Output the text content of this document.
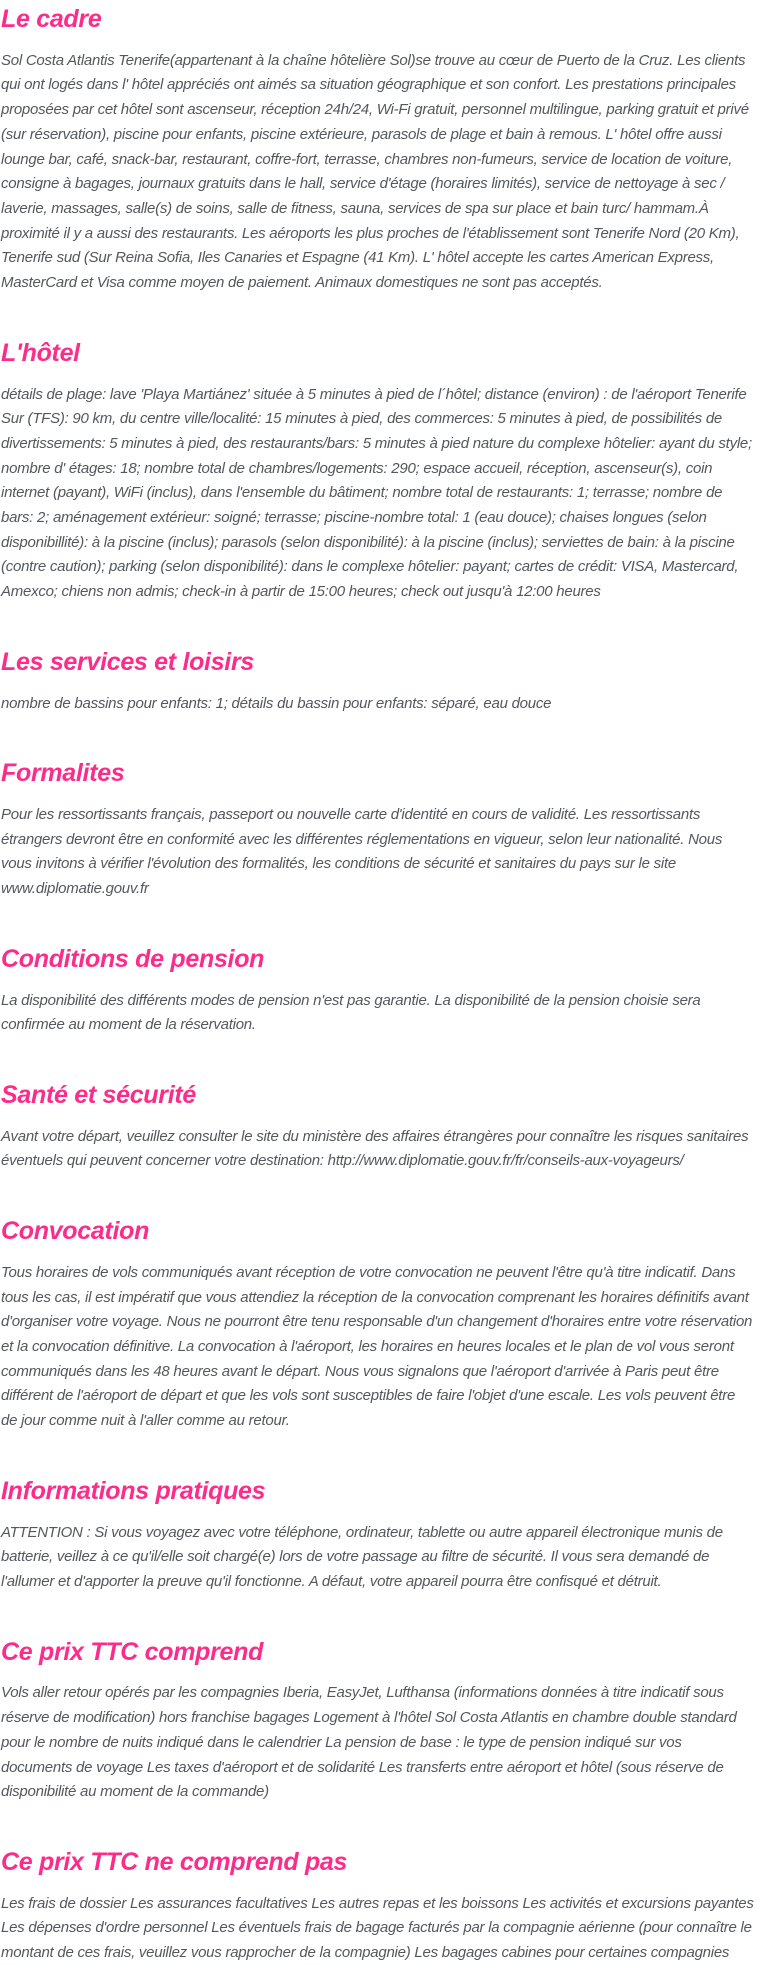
Le cadre

Sol Costa Atlantis Tenerife(appartenant à la chaîne hôtelière Sol)se trouve au cœur de Puerto de la Cruz. Les clients qui ont logés dans l' hôtel appréciés ont aimés sa situation géographique et son confort. Les prestations principales proposées par cet hôtel sont ascenseur, réception 24h/24, Wi-Fi gratuit, personnel multilingue, parking gratuit et privé (sur réservation), piscine pour enfants, piscine extérieure, parasols de plage et bain à remous. L' hôtel offre aussi lounge bar, café, snack-bar, restaurant, coffre-fort, terrasse, chambres non-fumeurs, service de location de voiture, consigne à bagages, journaux gratuits dans le hall, service d'étage (horaires limités), service de nettoyage à sec / laverie, massages, salle(s) de soins, salle de fitness, sauna, services de spa sur place et bain turc/ hammam.À proximité il y a aussi des restaurants. Les aéroports les plus proches de l'établissement sont Tenerife Nord (20 Km), Tenerife sud (Sur Reina Sofia, Iles Canaries et Espagne (41 Km). L' hôtel accepte les cartes American Express, MasterCard et Visa comme moyen de paiement. Animaux domestiques ne sont pas acceptés.

L'hôtel

détails de plage: lave 'Playa Martiánez' située à 5 minutes à pied de l´hôtel; distance (environ) : de l'aéroport Tenerife Sur (TFS): 90 km, du centre ville/localité: 15 minutes à pied, des commerces: 5 minutes à pied, de possibilités de divertissements: 5 minutes à pied, des restaurants/bars: 5 minutes à pied nature du complexe hôtelier: ayant du style; nombre d' étages: 18; nombre total de chambres/logements: 290; espace accueil, réception, ascenseur(s), coin internet (payant), WiFi (inclus), dans l'ensemble du bâtiment; nombre total de restaurants: 1; terrasse; nombre de bars: 2; aménagement extérieur: soigné; terrasse; piscine-nombre total: 1 (eau douce); chaises longues (selon disponibillité): à la piscine (inclus); parasols (selon disponibilité): à la piscine (inclus); serviettes de bain: à la piscine (contre caution); parking (selon disponibilité): dans le complexe hôtelier: payant; cartes de crédit: VISA, Mastercard, Amexco; chiens non admis; check-in à partir de 15:00 heures; check out jusqu'à 12:00 heures

Les services et loisirs

nombre de bassins pour enfants: 1; détails du bassin pour enfants: séparé, eau douce

Formalites

Pour les ressortissants français, passeport ou nouvelle carte d'identité en cours de validité. Les ressortissants étrangers devront être en conformité avec les différentes réglementations en vigueur, selon leur nationalité. Nous vous invitons à vérifier l'évolution des formalités, les conditions de sécurité et sanitaires du pays sur le site www.diplomatie.gouv.fr

Conditions de pension

La disponibilité des différents modes de pension n'est pas garantie. La disponibilité de la pension choisie sera confirmée au moment de la réservation.

Santé et sécurité

Avant votre départ, veuillez consulter le site du ministère des affaires étrangères pour connaître les risques sanitaires éventuels qui peuvent concerner votre destination: http://www.diplomatie.gouv.fr/fr/conseils-aux-voyageurs/

Convocation

Tous horaires de vols communiqués avant réception de votre convocation ne peuvent l'être qu'à titre indicatif. Dans tous les cas, il est impératif que vous attendiez la réception de la convocation comprenant les horaires définitifs avant d'organiser votre voyage. Nous ne pourront être tenu responsable d'un changement d'horaires entre votre réservation et la convocation définitive. La convocation à l'aéroport, les horaires en heures locales et le plan de vol vous seront communiqués dans les 48 heures avant le départ. Nous vous signalons que l'aéroport d'arrivée à Paris peut être différent de l'aéroport de départ et que les vols sont susceptibles de faire l'objet d'une escale. Les vols peuvent être de jour comme nuit à l'aller comme au retour.

Informations pratiques

ATTENTION : Si vous voyagez avec votre téléphone, ordinateur, tablette ou autre appareil électronique munis de batterie, veillez à ce qu'il/elle soit chargé(e) lors de votre passage au filtre de sécurité. Il vous sera demandé de l'allumer et d'apporter la preuve qu'il fonctionne. A défaut, votre appareil pourra être confisqué et détruit.

Ce prix TTC comprend

Vols aller retour opérés par les compagnies Iberia, EasyJet, Lufthansa (informations données à titre indicatif sous réserve de modification) hors franchise bagages Logement à l'hôtel Sol Costa Atlantis en chambre double standard pour le nombre de nuits indiqué dans le calendrier La pension de base : le type de pension indiqué sur vos documents de voyage Les taxes d'aéroport et de solidarité Les transferts entre aéroport et hôtel (sous réserve de disponibilité au moment de la commande)

Ce prix TTC ne comprend pas

Les frais de dossier Les assurances facultatives Les autres repas et les boissons Les activités et excursions payantes Les dépenses d'ordre personnel Les éventuels frais de bagage facturés par la compagnie aérienne (pour connaître le montant de ces frais, veuillez vous rapprocher de la compagnie) Les bagages cabines pour certaines compagnies
